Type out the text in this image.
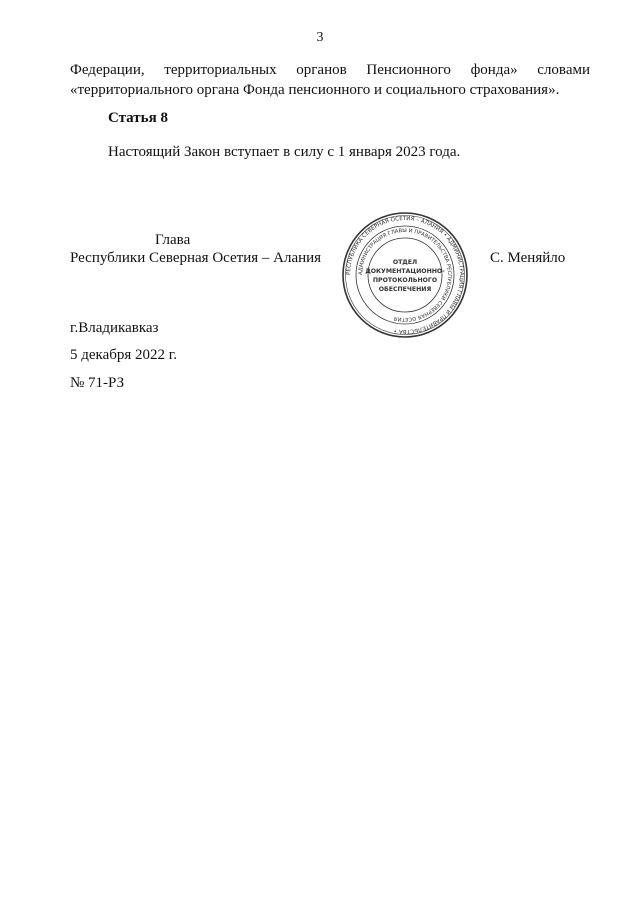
3
Федерации, территориальных органов Пенсионного фонда» словами
«территориального органа Фонда пенсионного и социального страхования».
Статья 8
Настоящий Закон вступает в силу с 1 января 2023 года.
Глава
Республики Северная Осетия – Алания
РЕСПУБЛИКА СЕВЕРНАЯ ОСЕТИЯ – АЛАНИЯ • АДМИНИСТРАЦИЯ ГЛАВЫ И ПРАВИТЕЛЬСТВА •
АДМИНИСТРАЦИЯ ГЛАВЫ И ПРАВИТЕЛЬСТВА РЕСПУБЛИКИ СЕВЕРНАЯ ОСЕТИЯ
ОТДЕЛ
ДОКУМЕНТАЦИОННО-
ПРОТОКОЛЬНОГО
ОБЕСПЕЧЕНИЯ
С. Меняйло
г.Владикавказ
5 декабря 2022 г.
№ 71-РЗ
